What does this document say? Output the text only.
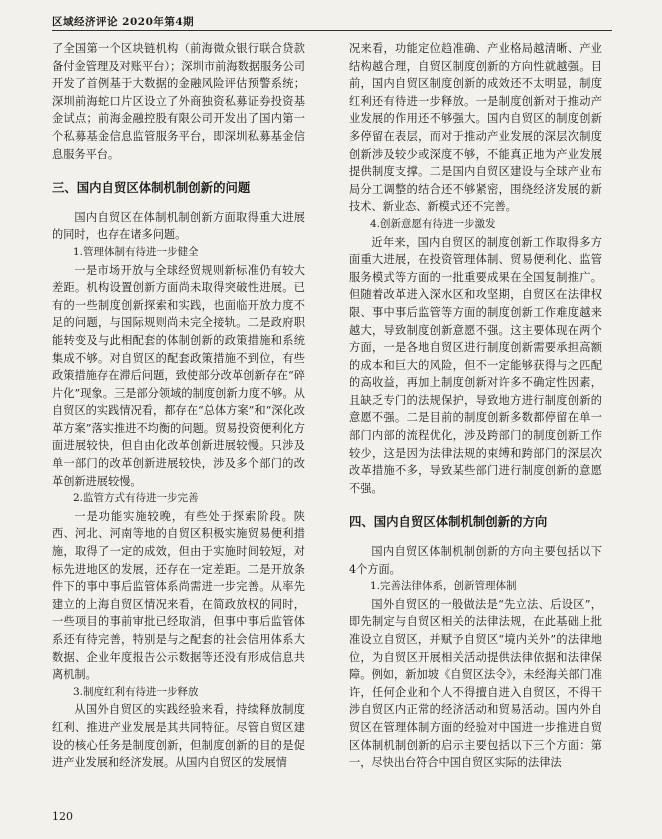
区域经济评论 2020年第4期

了全国第一个区块链机构（前海微众银行联合贷款备付金管理及对账平台）；深圳市前海数据服务公司开发了首例基于大数据的金融风险评估预警系统；深圳前海蛇口片区设立了外商独资私募证券投资基金试点；前海金融控股有限公司开发出了国内第一个私募基金信息监管服务平台，即深圳私募基金信息服务平台。

三、国内自贸区体制机制创新的问题

国内自贸区在体制机制创新方面取得重大进展的同时，也存在诸多问题。

1.管理体制有待进一步健全

一是市场开放与全球经贸规则新标准仍有较大差距。机构设置创新方面尚未取得突破性进展。已有的一些制度创新探索和实践，也面临开放力度不足的问题，与国际规则尚未完全接轨。二是政府职能转变及与此相配套的体制创新的政策措施和系统集成不够。对自贸区的配套政策措施不到位，有些政策措施存在滞后问题，致使部分改革创新存在“碎片化”现象。三是部分领域的制度创新力度不够。从自贸区的实践情况看，都存在“总体方案”和“深化改革方案”落实推进不均衡的问题。贸易投资便利化方面进展较快，但自由化改革创新进展较慢。只涉及单一部门的改革创新进展较快，涉及多个部门的改革创新进展较慢。

2.监管方式有待进一步完善

一是功能实施较晚，有些处于探索阶段。陕西、河北、河南等地的自贸区积极实施贸易便利措施，取得了一定的成效，但由于实施时间较短，对标先进地区的发展，还存在一定差距。二是开放条件下的事中事后监管体系尚需进一步完善。从率先建立的上海自贸区情况来看，在简政放权的同时，一些项目的事前审批已经取消，但事中事后监管体系还有待完善，特别是与之配套的社会信用体系大数据、企业年度报告公示数据等还没有形成信息共离机制。

3.制度红利有待进一步释放

从国外自贸区的实践经验来看，持续释放制度红利、推进产业发展是其共同特征。尽管自贸区建设的核心任务是制度创新，但制度创新的目的是促进产业发展和经济发展。从国内自贸区的发展情

况来看，功能定位趋准确、产业格局越清晰、产业结构越合理，自贸区制度创新的方向性就越强。目前，国内自贸区制度创新的成效还不太明显，制度红利还有待进一步释放。一是制度创新对于推动产业发展的作用还不够强大。国内自贸区的制度创新多停留在表层，而对于推动产业发展的深层次制度创新涉及较少或深度不够，不能真正地为产业发展提供制度支撑。二是国内自贸区建设与全球产业布局分工调整的结合还不够紧密，围绕经济发展的新技术、新业态、新模式还不完善。

4.创新意愿有待进一步激发

近年来，国内自贸区的制度创新工作取得多方面重大进展，在投资管理体制、贸易便利化、监管服务模式等方面的一批重要成果在全国复制推广。但随着改革进入深水区和攻坚期，自贸区在法律权限、事中事后监管等方面的制度创新工作难度越来越大，导致制度创新意愿不强。这主要体现在两个方面，一是各地自贸区进行制度创新需要承担高额的成本和巨大的风险，但不一定能够获得与之匹配的高收益，再加上制度创新对许多不确定性因素，且缺乏专门的法规保护，导致地方进行制度创新的意愿不强。二是目前的制度创新多数都停留在单一部门内部的流程优化，涉及跨部门的制度创新工作较少，这是因为法律法规的束缚和跨部门的深层次改革措施不多，导致某些部门进行制度创新的意愿不强。

四、国内自贸区体制机制创新的方向

国内自贸区体制机制创新的方向主要包括以下4个方面。

1.完善法律体系，创新管理体制

国外自贸区的一般做法是“先立法、后设区”，即先制定与自贸区相关的法律法规，在此基础上批准设立自贸区，并赋予自贸区“境内关外”的法律地位，为自贸区开展相关活动提供法律依据和法律保障。例如，新加坡《自贸区法令》，未经海关部门准许，任何企业和个人不得擅自进入自贸区，不得干涉自贸区内正常的经济活动和贸易活动。国内外自贸区在管理体制方面的经验对中国进一步推进自贸区体制机制创新的启示主要包括以下三个方面：第一，尽快出台符合中国自贸区实际的法律法

120
